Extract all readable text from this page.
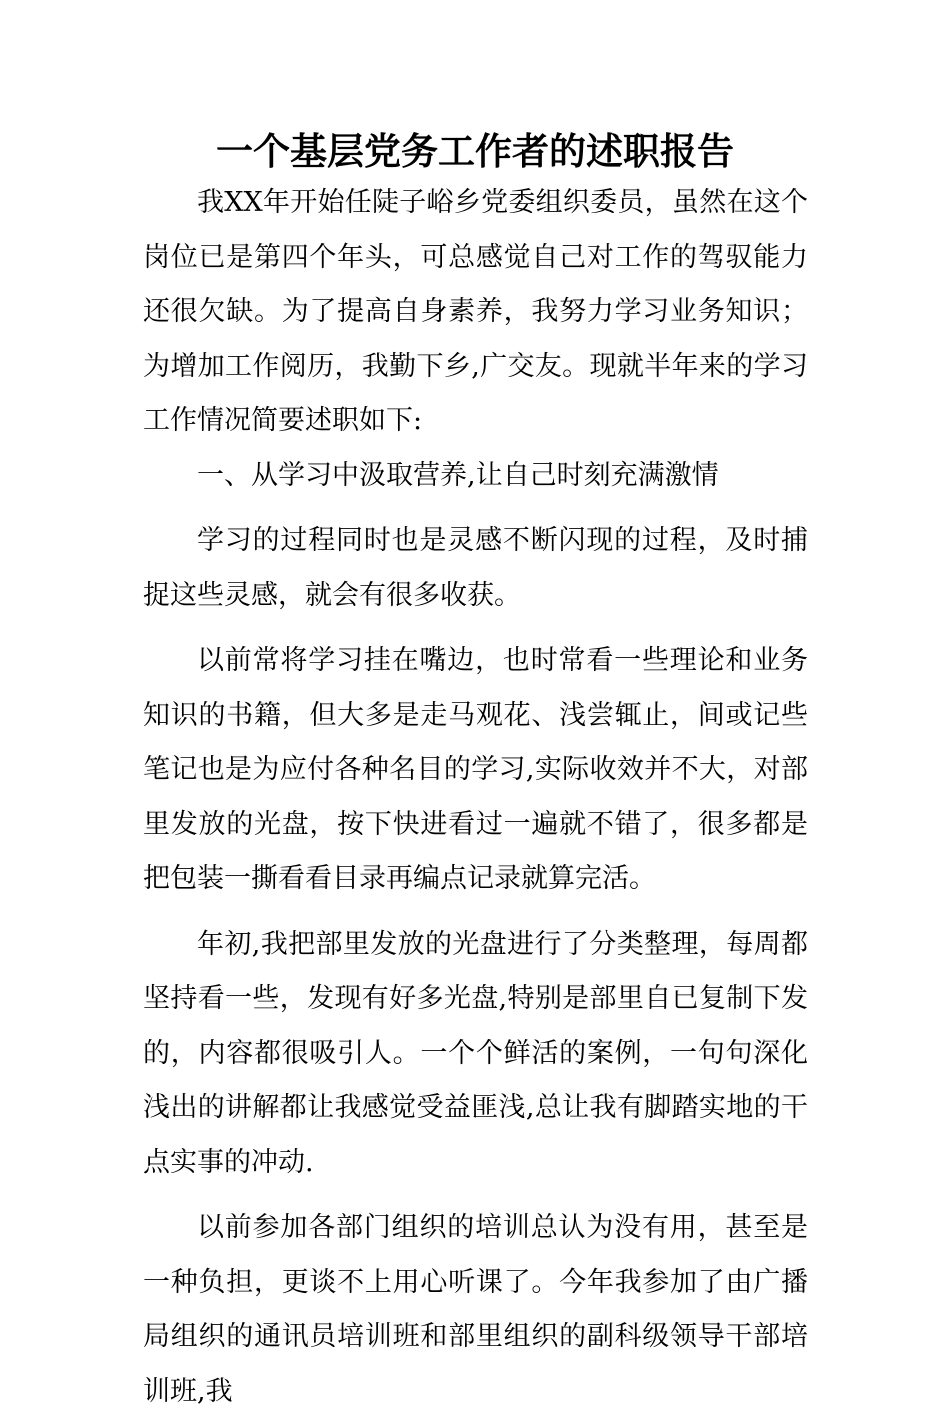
一个基层党务工作者的述职报告

我XX年开始任陡子峪乡党委组织委员，虽然在这个岗位已是第四个年头，可总感觉自己对工作的驾驭能力还很欠缺。为了提高自身素养，我努力学习业务知识；为增加工作阅历，我勤下乡,广交友。现就半年来的学习工作情况简要述职如下:

一、从学习中汲取营养,让自己时刻充满激情

学习的过程同时也是灵感不断闪现的过程，及时捕捉这些灵感，就会有很多收获。

以前常将学习挂在嘴边，也时常看一些理论和业务知识的书籍，但大多是走马观花、浅尝辄止，间或记些笔记也是为应付各种名目的学习,实际收效并不大，对部里发放的光盘，按下快进看过一遍就不错了，很多都是把包装一撕看看目录再编点记录就算完活。

年初,我把部里发放的光盘进行了分类整理，每周都坚持看一些，发现有好多光盘,特别是部里自已复制下发的，内容都很吸引人。一个个鲜活的案例，一句句深化浅出的讲解都让我感觉受益匪浅,总让我有脚踏实地的干点实事的冲动.

以前参加各部门组织的培训总认为没有用，甚至是一种负担，更谈不上用心听课了。今年我参加了由广播局组织的通讯员培训班和部里组织的副科级领导干部培训班,我
